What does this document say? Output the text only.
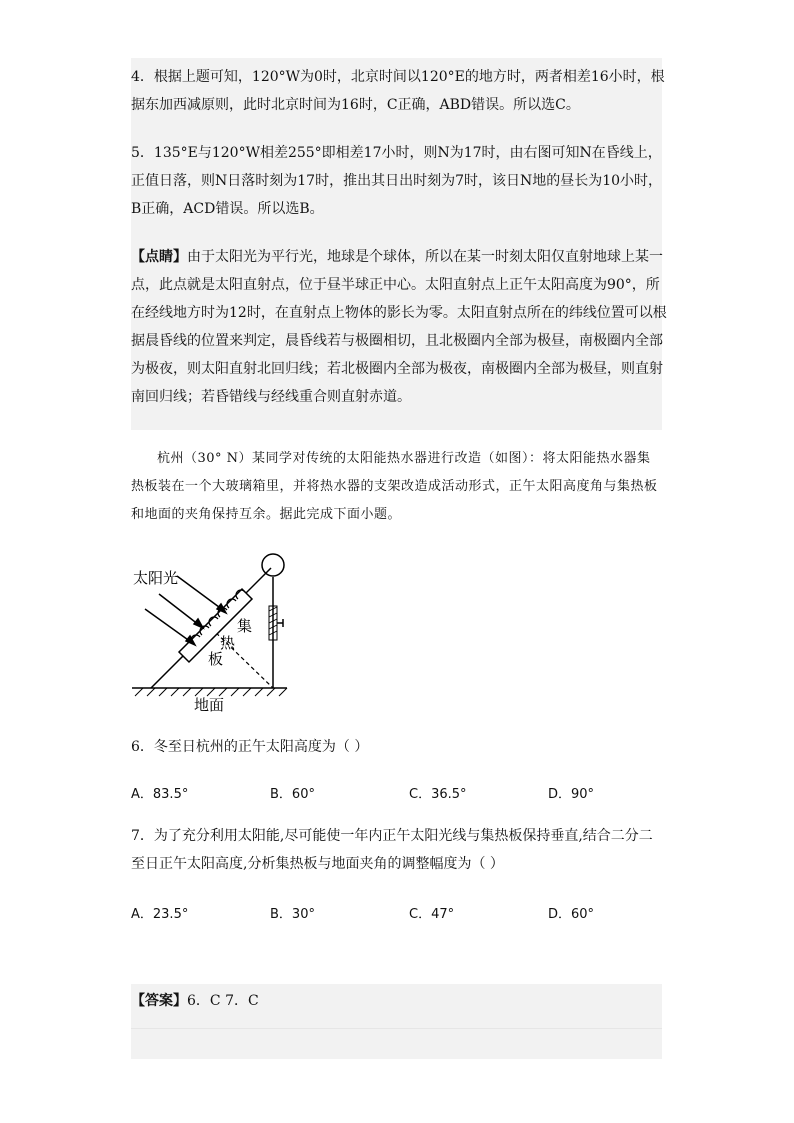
4．根据上题可知，120°W为0时，北京时间以120°E的地方时，两者相差16小时，根据东加西减原则，此时北京时间为16时，C正确，ABD错误。所以选C。

5．135°E与120°W相差255°即相差17小时，则N为17时，由右图可知N在昏线上，正值日落，则N日落时刻为17时，推出其日出时刻为7时，该日N地的昼长为10小时，B正确，ACD错误。所以选B。

【点睛】由于太阳光为平行光，地球是个球体，所以在某一时刻太阳仅直射地球上某一点，此点就是太阳直射点，位于昼半球正中心。太阳直射点上正午太阳高度为90°，所在经线地方时为12时，在直射点上物体的影长为零。太阳直射点所在的纬线位置可以根据晨昏线的位置来判定，晨昏线若与极圈相切，且北极圈内全部为极昼，南极圈内全部为极夜，则太阳直射北回归线；若北极圈内全部为极夜，南极圈内全部为极昼，则直射南回归线；若昏错线与经线重合则直射赤道。

杭州（30° N）某同学对传统的太阳能热水器进行改造（如图）：将太阳能热水器集热板装在一个大玻璃箱里，并将热水器的支架改造成活动形式，正午太阳高度角与集热板和地面的夹角保持互余。据此完成下面小题。

太阳光
集
热
板
地面

6．冬至日杭州的正午太阳高度为（ ）

A．83.5°	B．60°	C．36.5°	D．90°

7．为了充分利用太阳能,尽可能使一年内正午太阳光线与集热板保持垂直,结合二分二至日正午太阳高度,分析集热板与地面夹角的调整幅度为（ ）

A．23.5°	B．30°	C．47°	D．60°
【答案】6．C 7．C
